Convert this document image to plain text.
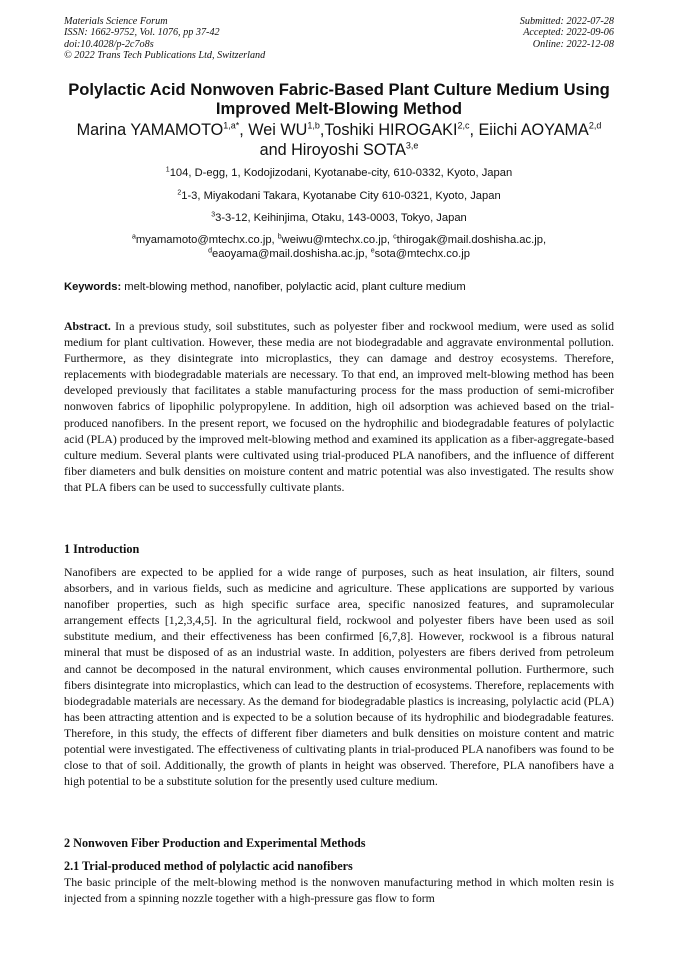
Materials Science Forum
ISSN: 1662-9752, Vol. 1076, pp 37-42
doi:10.4028/p-2c7o8s
© 2022 Trans Tech Publications Ltd, Switzerland
Submitted: 2022-07-28
Accepted: 2022-09-06
Online: 2022-12-08
Polylactic Acid Nonwoven Fabric-Based Plant Culture Medium Using
Improved Melt-Blowing Method
Marina $YAMAMOTO^{1,a*}$, Wei WU$^{1,b}$,Toshiki HIROGAKI$^{2,c}$, Eiichi AOYAMA$^{2,d}$
and Hiroyoshi SOTA$^{3,e}$
$^1$104, D-egg, 1, Kodojizodani, Kyotanabe-city, 610-0332, Kyoto, Japan
$^2$1-3, Miyakodani Takara, Kyotanabe City 610-0321, Kyoto, Japan
$^3$3-3-12, Keihinjima, Otaku, 143-0003, Tokyo, Japan
$^a$myamamoto@mtechx.co.jp, $^b$weiwu@mtechx.co.jp, $^c$thirogak@mail.doshisha.ac.jp,
$^d$eaoyama@mail.doshisha.ac.jp, $^e$sota@mtechx.co.jp
Keywords: melt-blowing method, nanofiber, polylactic acid, plant culture medium
Abstract. In a previous study, soil substitutes, such as polyester fiber and rockwool medium, were used as solid medium for plant cultivation. However, these media are not biodegradable and aggravate environmental pollution. Furthermore, as they disintegrate into microplastics, they can damage and destroy ecosystems. Therefore, replacements with biodegradable materials are necessary. To that end, an improved melt-blowing method has been developed previously that facilitates a stable manufacturing process for the mass production of semi-microfiber nonwoven fabrics of lipophilic polypropylene. In addition, high oil adsorption was achieved based on the trial-produced nanofibers. In the present report, we focused on the hydrophilic and biodegradable features of polylactic acid (PLA) produced by the improved melt-blowing method and examined its application as a fiber-aggregate-based culture medium. Several plants were cultivated using trial-produced PLA nanofibers, and the influence of different fiber diameters and bulk densities on moisture content and matric potential was also investigated. The results show that PLA fibers can be used to successfully cultivate plants.
1 Introduction
Nanofibers are expected to be applied for a wide range of purposes, such as heat insulation, air filters, sound absorbers, and in various fields, such as medicine and agriculture. These applications are supported by various nanofiber properties, such as high specific surface area, specific nanosized features, and supramolecular arrangement effects [1,2,3,4,5]. In the agricultural field, rockwool and polyester fibers have been used as soil substitute medium, and their effectiveness has been confirmed [6,7,8]. However, rockwool is a fibrous natural mineral that must be disposed of as an industrial waste. In addition, polyesters are fibers derived from petroleum and cannot be decomposed in the natural environment, which causes environmental pollution. Furthermore, such fibers disintegrate into microplastics, which can lead to the destruction of ecosystems. Therefore, replacements with biodegradable materials are necessary. As the demand for biodegradable plastics is increasing, polylactic acid (PLA) has been attracting attention and is expected to be a solution because of its hydrophilic and biodegradable features. Therefore, in this study, the effects of different fiber diameters and bulk densities on moisture content and matric potential were investigated. The effectiveness of cultivating plants in trial-produced PLA nanofibers was found to be close to that of soil. Additionally, the growth of plants in height was observed. Therefore, PLA nanofibers have a high potential to be a substitute solution for the presently used culture medium.
2 Nonwoven Fiber Production and Experimental Methods
2.1 Trial-produced method of polylactic acid nanofibers
The basic principle of the melt-blowing method is the nonwoven manufacturing method in which molten resin is injected from a spinning nozzle together with a high-pressure gas flow to form
